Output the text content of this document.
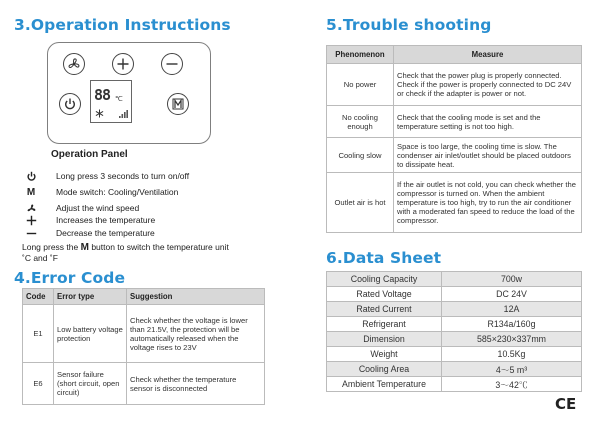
3.Operation Instructions	5.Trouble shooting
4.Error Code
6.Data Sheet
88 ℃
Operation Panel
Long press 3 seconds to turn on/off
M	Mode switch: Cooling/Ventilation
Adjust the wind speed
Increases the temperature
Decrease the temperature
Long press the M button to switch the temperature unit
˚C and ˚F
Code	Error type	Suggestion
E1	Low battery voltage protection	Check whether the voltage is lower than 21.5V, the protection will be automatically released when the voltage rises to 23V
E6	Sensor failure (short circuit, open circuit)	Check whether the temperature sensor is disconnected
Phenomenon	Measure
No power	Check that the power plug is properly connected. Check if the power is properly connected to DC 24V or check if the adapter is power or not.
No cooling enough	Check that the cooling mode is set and the temperature setting is not too high.
Cooling slow	Space is too large, the cooling time is slow. The condenser air inlet/outlet should be placed outdoors to dissipate heat.
Outlet air is hot	If the air outlet is not cold, you can check whether the compressor is turned on. When the ambient temperature is too high, try to run the air conditioner with a moderated fan speed to reduce the load of the compressor.
Cooling Capacity	700w
Rated Voltage	DC 24V
Rated Current	12A
Refrigerant	R134a/160g
Dimension	585×230×337mm
Weight	10.5Kg
Cooling Area	4～5 m³
Ambient Temperature	3～42℃
CE
